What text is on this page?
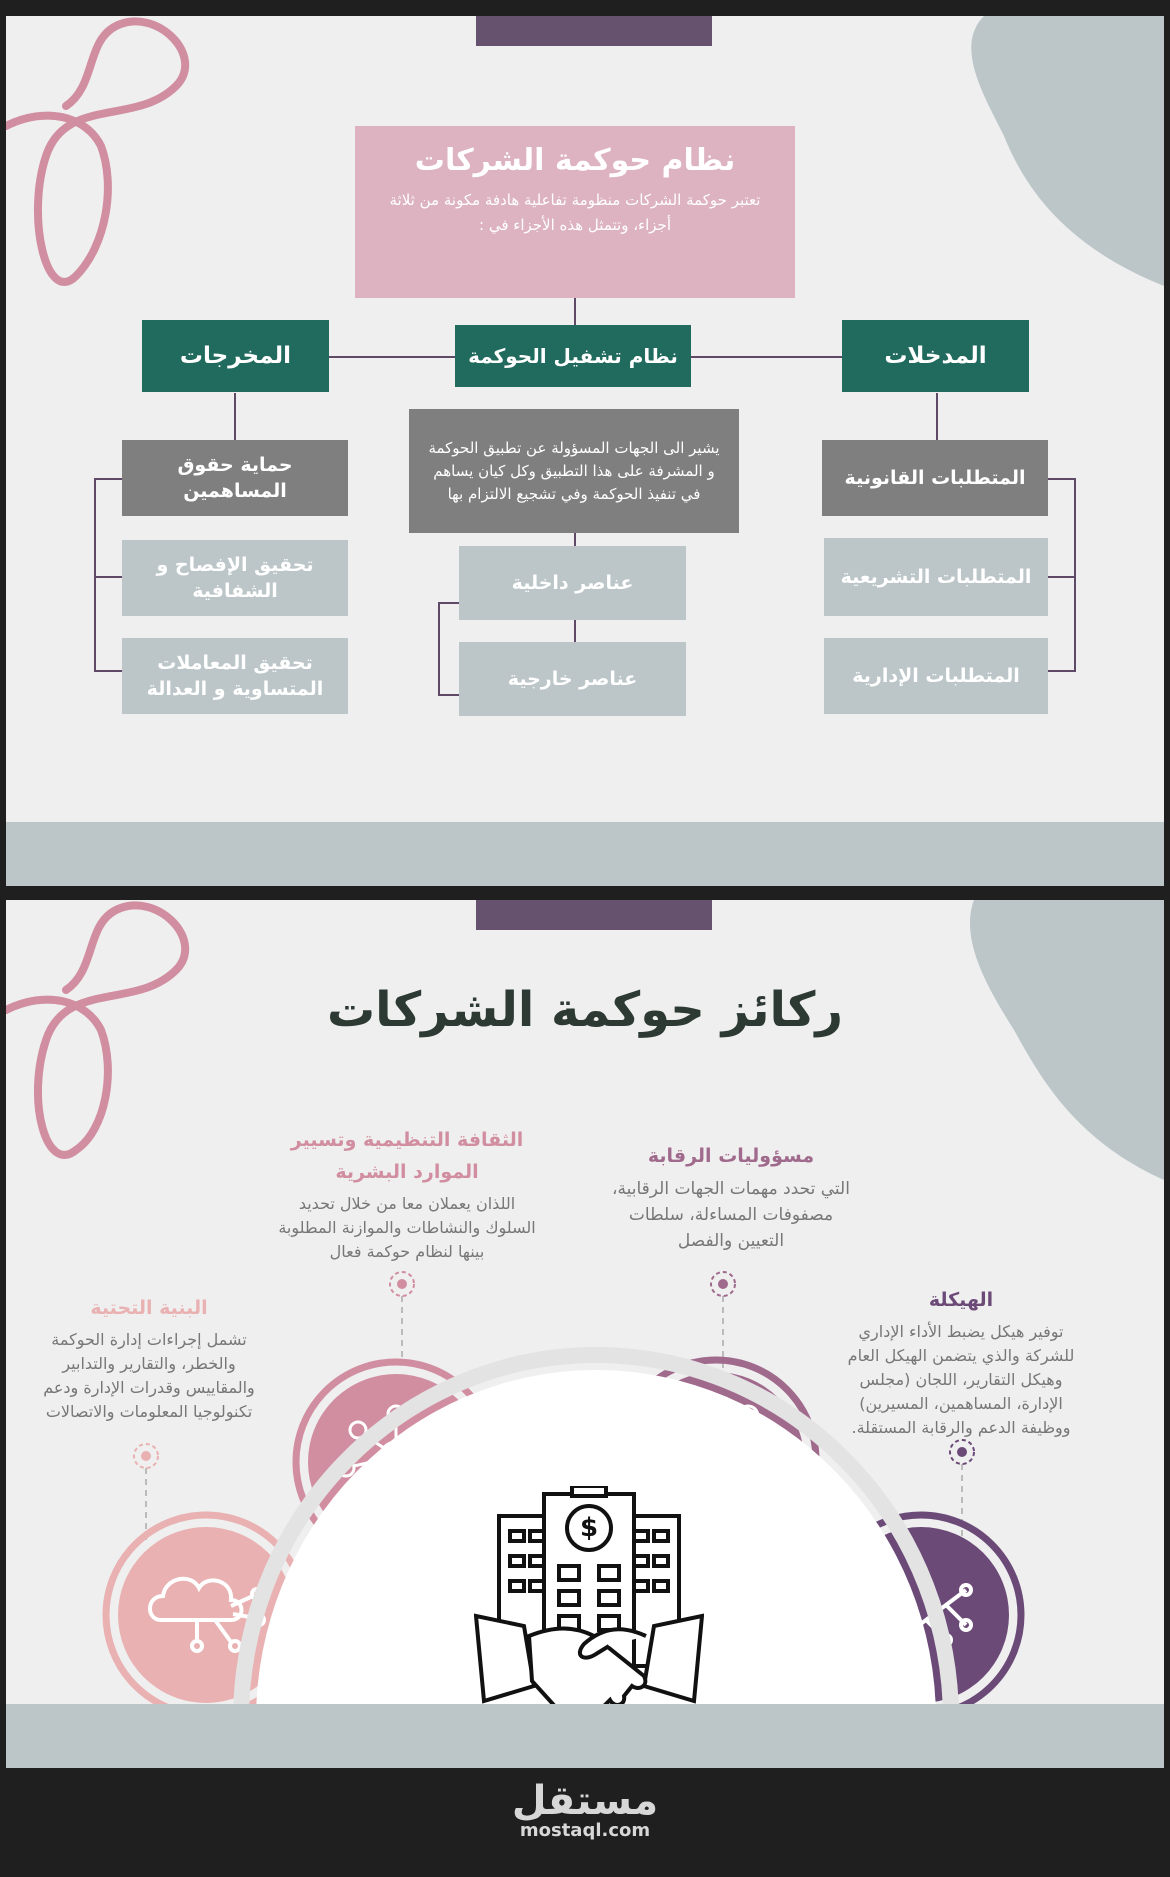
نظام حوكمة الشركات

تعتبر حوكمة الشركات منظومة تفاعلية هادفة مكونة من ثلاثة أجزاء، وتتمثل هذه الأجزاء في :

المخرجات	نظام تشفيل الحوكمة	المدخلات
حماية حقوق المساهمين
تحقيق الإفصاح و الشفافية
تحقيق المعاملات المتساوية و العدالة
يشير الى الجهات المسؤولة عن تطبيق الحوكمة و المشرفة على هذا التطبيق وكل كيان يساهم في تنفيذ الحوكمة وفي تشجيع الالتزام بها
عناصر داخلية
عناصر خارجية
المتطلبات القانونية
المتطلبات التشريعية
المتطلبات الإدارية
ركائز حوكمة الشركات
الثقافة التنظيمية وتسيير الموارد البشرية
اللذان يعملان معا من خلال تحديد السلوك والنشاطات والموازنة المطلوبة بينها لنظام حوكمة فعال
مسؤوليات الرقابة
التي تحدد مهمات الجهات الرقابية، مصفوفات المساءلة، سلطات التعيين والفصل
البنية التحتية
تشمل إجراءات إدارة الحوكمة والخطر، والتقارير والتدابير والمقاييس وقدرات الإدارة ودعم تكنولوجيا المعلومات والاتصالات
الهيكلة
توفير هيكل يضبط الأداء الإداري للشركة والذي يتضمن الهيكل العام وهيكل التقارير، اللجان (مجلس الإدارة، المساهمين، المسيرين) ووظيفة الدعم والرقابة المستقلة.
$
مستقل
mostaql.com
